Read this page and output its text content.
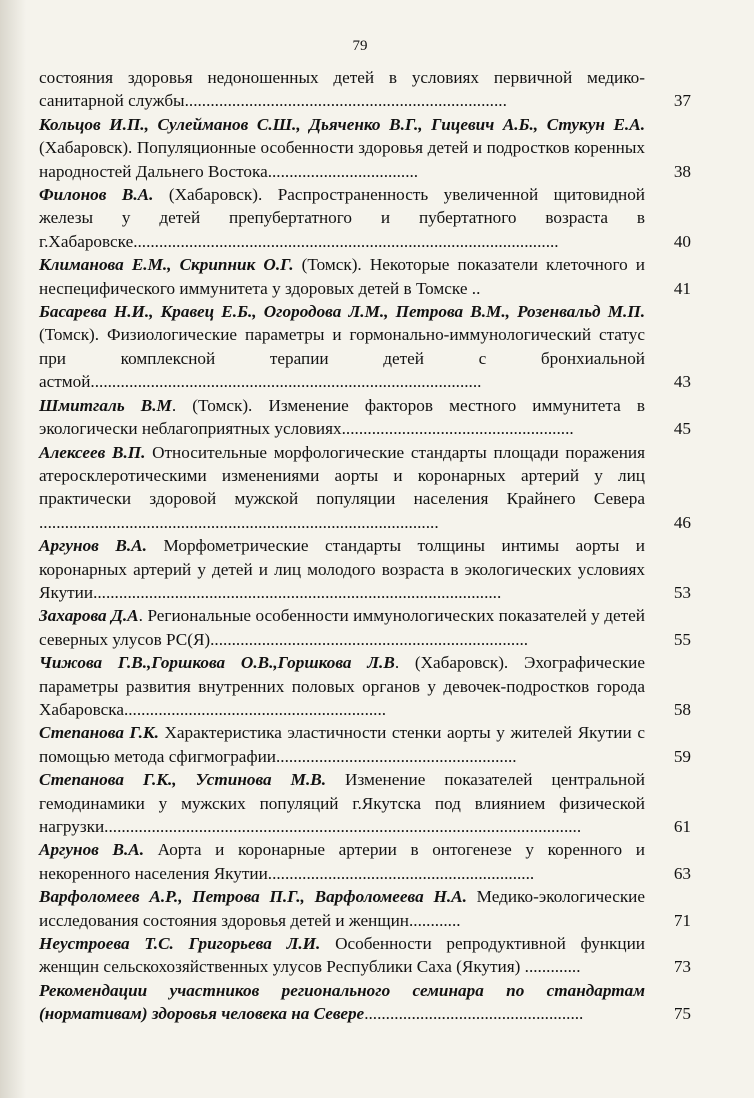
79
состояния здоровья недоношенных детей в условиях первичной медико-санитарной службы...........................................................................	37
Кольцов И.П., Сулейманов С.Ш., Дьяченко В.Г., Гицевич А.Б., Стукун Е.А. (Хабаровск). Популяционные особенности здоровья детей и подростков коренных народностей Дальнего Востока...................................	38
Филонов В.А. (Хабаровск). Распространенность увеличенной щитовидной железы у детей препубертатного и пубертатного возраста в г.Хабаровске...................................................................................................	40
Климанова Е.М., Скрипник О.Г. (Томск). Некоторые показатели клеточного и неспецифического иммунитета у здоровых детей в Томске ..	41
Басарева Н.И., Кравец Е.Б., Огородова Л.М., Петрова В.М., Розенвальд М.П. (Томск). Физиологические параметры и гормонально-иммунологический статус при комплексной терапии детей с бронхиальной астмой...........................................................................................	43
Шмитгаль В.М. (Томск). Изменение факторов местного иммунитета в экологически неблагоприятных условиях......................................................	45
Алексеев В.П. Относительные морфологические стандарты площади поражения атеросклеротическими изменениями аорты и коронарных артерий у лиц практически здоровой мужской популяции населения Крайнего Севера .............................................................................................	46
Аргунов В.А. Морфометрические стандарты толщины интимы аорты и коронарных артерий у детей и лиц молодого возраста в экологических условиях Якутии...............................................................................................	53
Захарова Д.А. Региональные особенности иммунологических показателей у детей северных улусов РС(Я)..........................................................................	55
Чижова Г.В.,Горшкова О.В.,Горшкова Л.В. (Хабаровск). Эхографические параметры развития внутренних половых органов у девочек-подростков города Хабаровска.............................................................	58
Степанова Г.К. Характеристика эластичности стенки аорты у жителей Якутии с помощью метода сфигмографии........................................................	59
Степанова Г.К., Устинова М.В. Изменение показателей центральной гемодинамики у мужских популяций г.Якутска под влиянием физической нагрузки...............................................................................................................	61
Аргунов В.А. Аорта и коронарные артерии в онтогенезе у коренного и некоренного населения Якутии..............................................................	63
Варфоломеев А.Р., Петрова П.Г., Варфоломеева Н.А. Медико-экологические исследования состояния здоровья детей и женщин............	71
Неустроева Т.С. Григорьева Л.И. Особенности репродуктивной функции женщин сельскохозяйственных улусов Республики Саха (Якутия) .............	73
Рекомендации участников регионального семинара по стандартам (нормативам) здоровья человека на Севере...................................................	75
